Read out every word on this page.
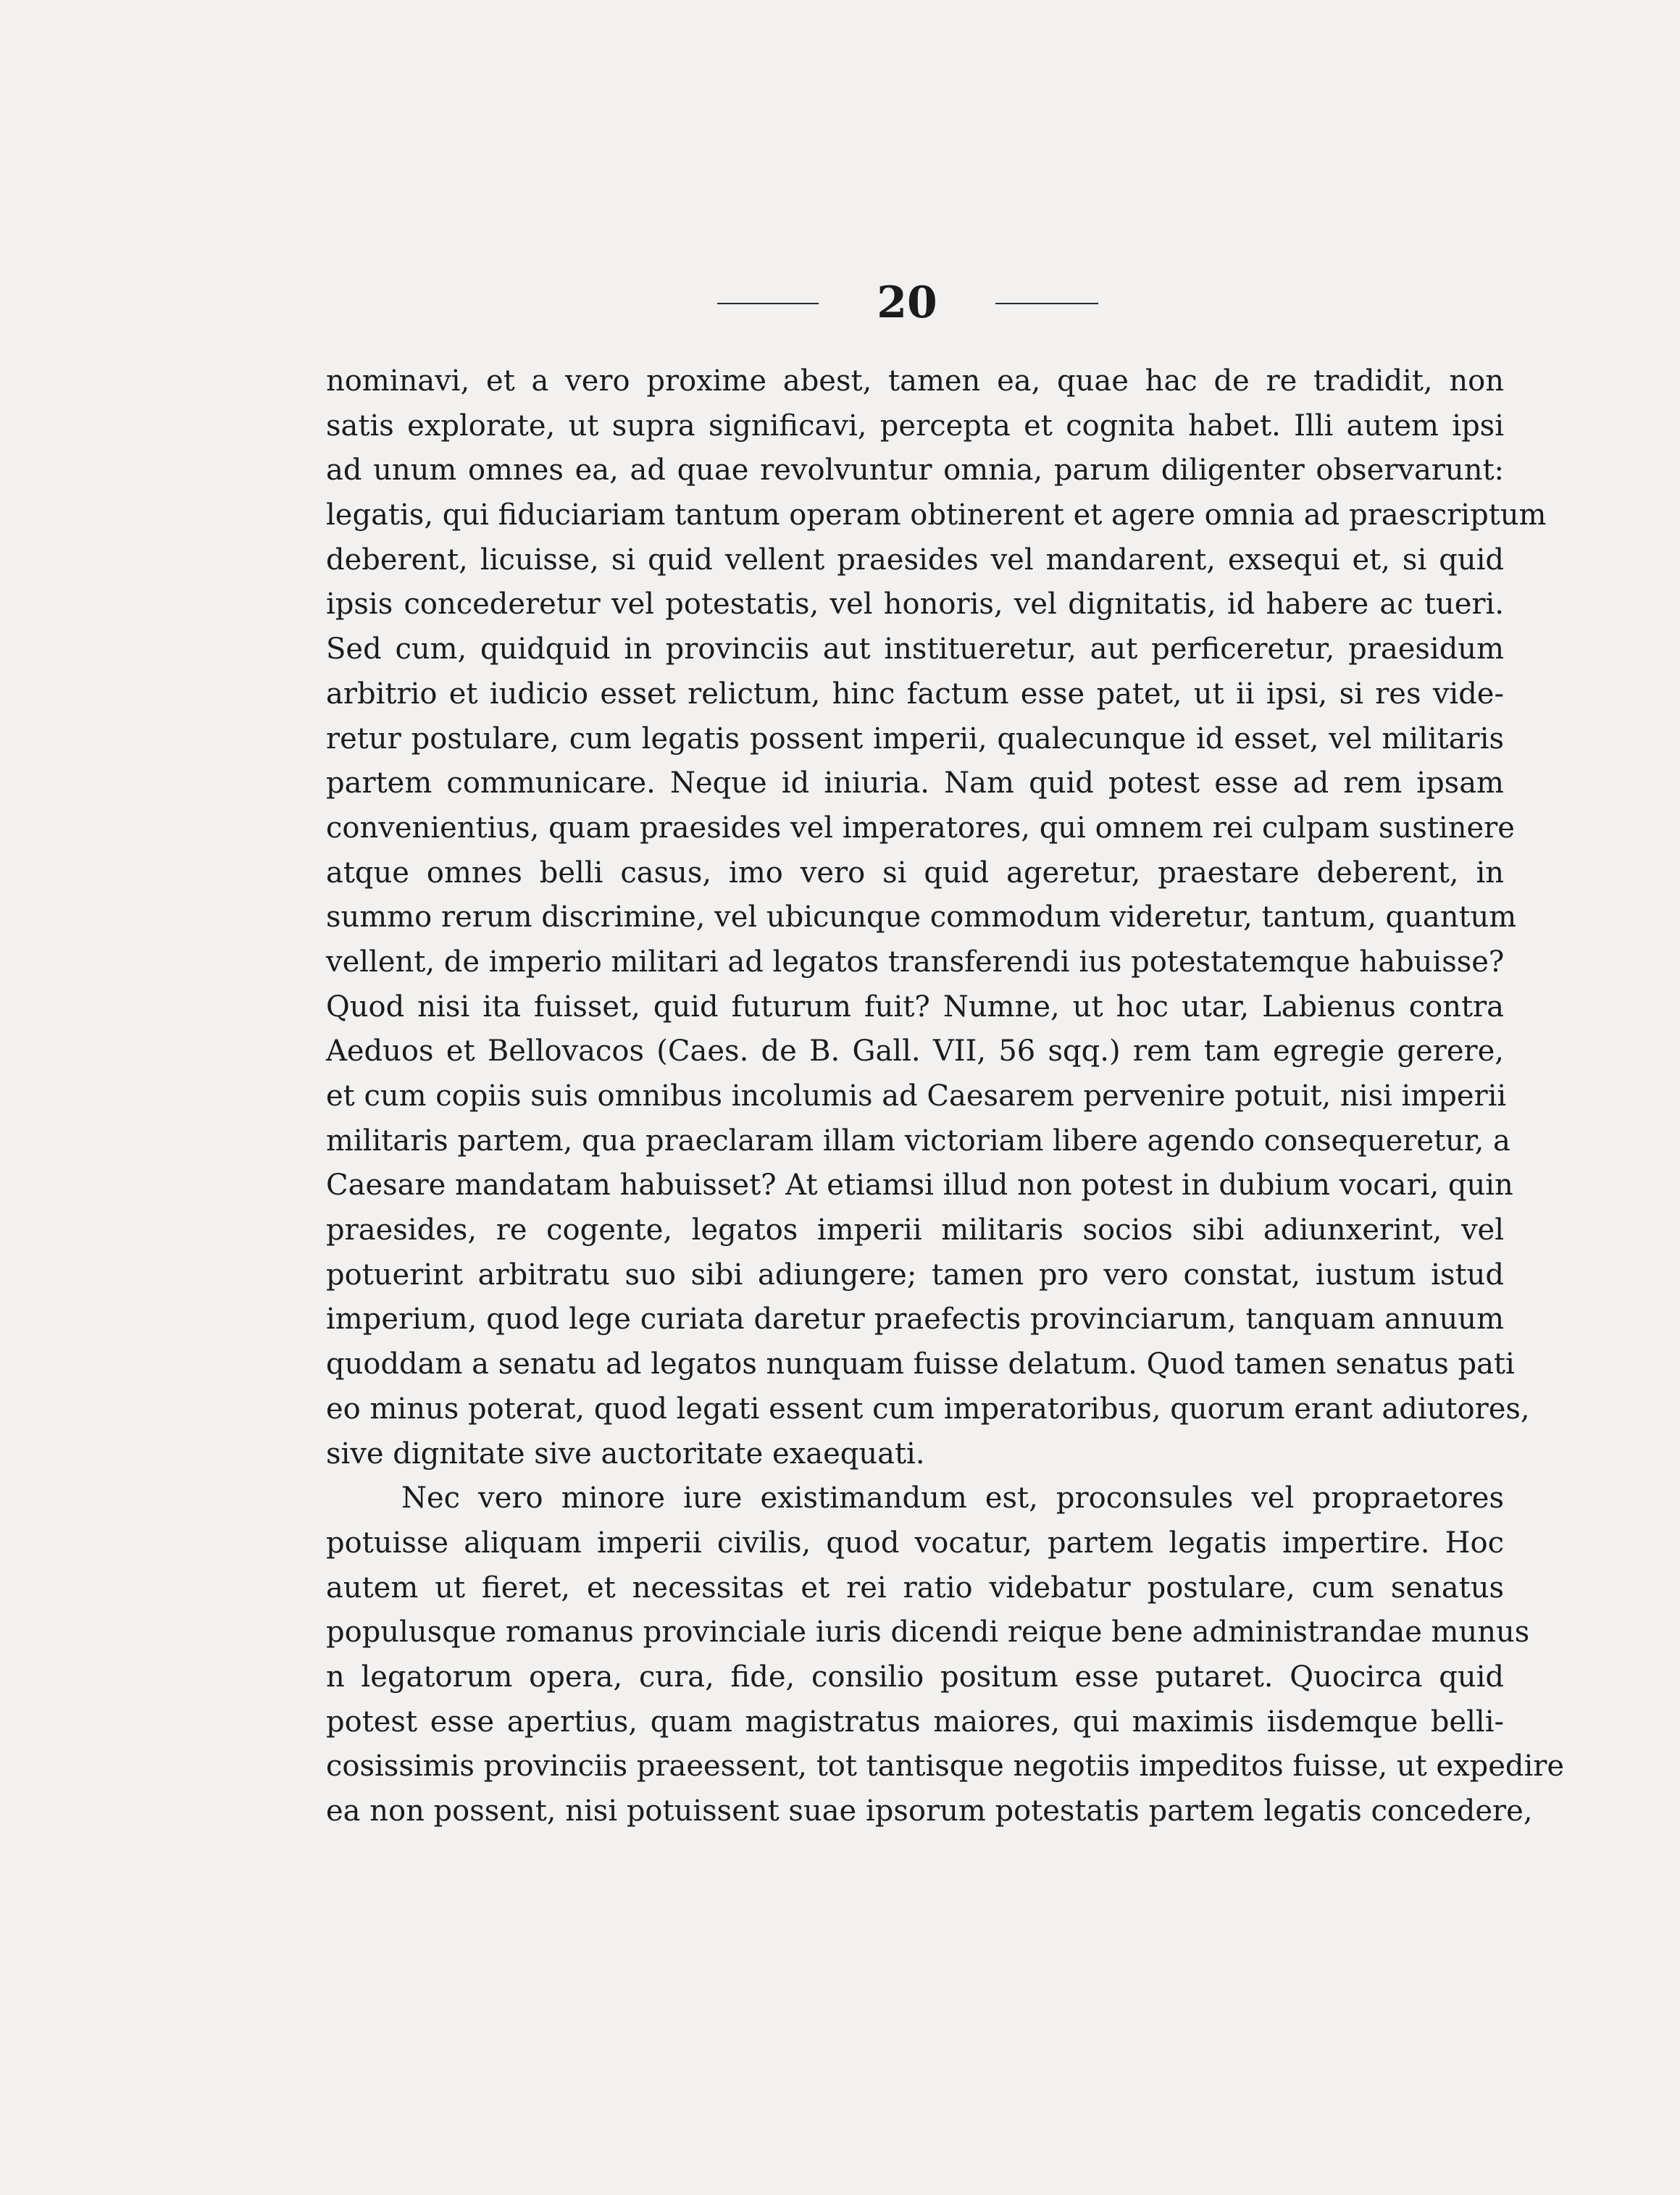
20
nominavi, et a vero proxime abest, tamen ea, quae hac de re tradidit, non
satis explorate, ut supra significavi, percepta et cognita habet. Illi autem ipsi
ad unum omnes ea, ad quae revolvuntur omnia, parum diligenter observarunt:
legatis, qui fiduciariam tantum operam obtinerent et agere omnia ad praescriptum
deberent, licuisse, si quid vellent praesides vel mandarent, exsequi et, si quid
ipsis concederetur vel potestatis, vel honoris, vel dignitatis, id habere ac tueri.
Sed cum, quidquid in provinciis aut institueretur, aut perficeretur, praesidum
arbitrio et iudicio esset relictum, hinc factum esse patet, ut ii ipsi, si res vide-
retur postulare, cum legatis possent imperii, qualecunque id esset, vel militaris
partem communicare. Neque id iniuria. Nam quid potest esse ad rem ipsam
convenientius, quam praesides vel imperatores, qui omnem rei culpam sustinere
atque omnes belli casus, imo vero si quid ageretur, praestare deberent, in
summo rerum discrimine, vel ubicunque commodum videretur, tantum, quantum
vellent, de imperio militari ad legatos transferendi ius potestatemque habuisse?
Quod nisi ita fuisset, quid futurum fuit? Numne, ut hoc utar, Labienus contra
Aeduos et Bellovacos (Caes. de B. Gall. VII, 56 sqq.) rem tam egregie gerere,
et cum copiis suis omnibus incolumis ad Caesarem pervenire potuit, nisi imperii
militaris partem, qua praeclaram illam victoriam libere agendo consequeretur, a
Caesare mandatam habuisset? At etiamsi illud non potest in dubium vocari, quin
praesides, re cogente, legatos imperii militaris socios sibi adiunxerint, vel
potuerint arbitratu suo sibi adiungere; tamen pro vero constat, iustum istud
imperium, quod lege curiata daretur praefectis provinciarum, tanquam annuum
quoddam a senatu ad legatos nunquam fuisse delatum. Quod tamen senatus pati
eo minus poterat, quod legati essent cum imperatoribus, quorum erant adiutores,
sive dignitate sive auctoritate exaequati.
Nec vero minore iure existimandum est, proconsules vel propraetores
potuisse aliquam imperii civilis, quod vocatur, partem legatis impertire. Hoc
autem ut fieret, et necessitas et rei ratio videbatur postulare, cum senatus
populusque romanus provinciale iuris dicendi reique bene administrandae munus
n legatorum opera, cura, fide, consilio positum esse putaret. Quocirca quid
potest esse apertius, quam magistratus maiores, qui maximis iisdemque belli-
cosissimis provinciis praeessent, tot tantisque negotiis impeditos fuisse, ut expedire
ea non possent, nisi potuissent suae ipsorum potestatis partem legatis concedere,
